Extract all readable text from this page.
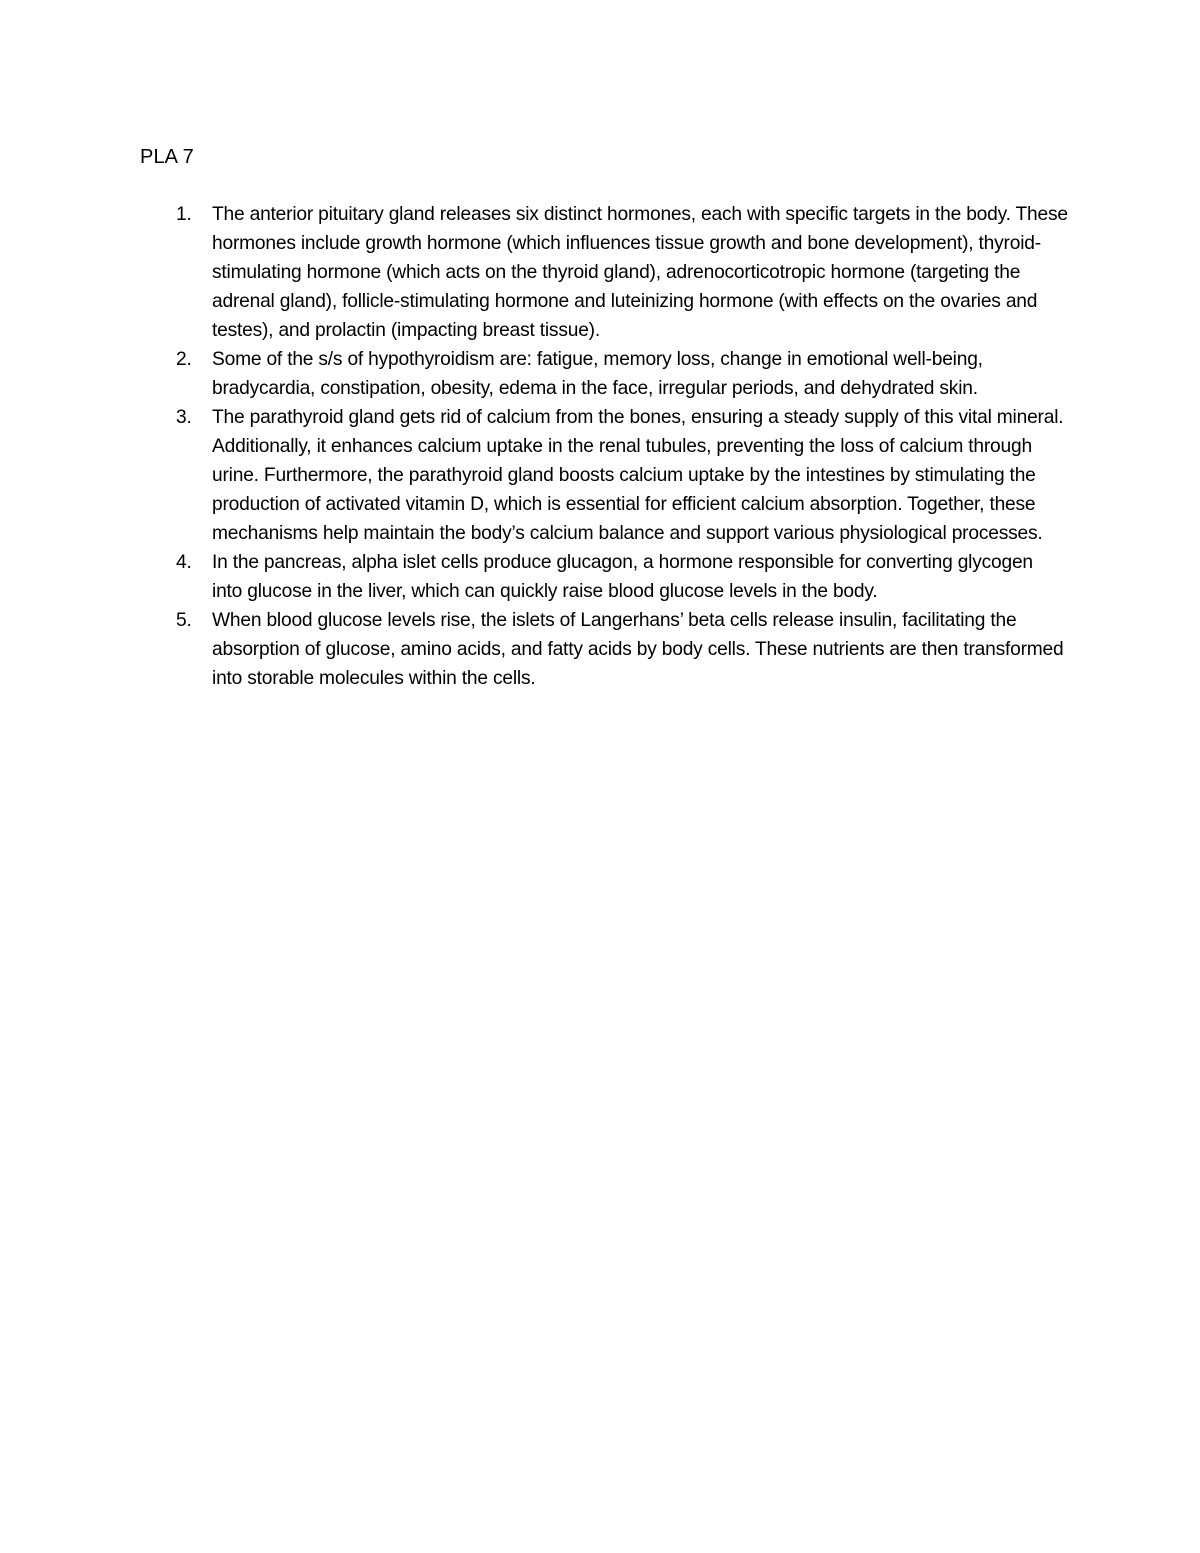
PLA 7
1. The anterior pituitary gland releases six distinct hormones, each with specific targets in the body. These hormones include growth hormone (which influences tissue growth and bone development), thyroid-stimulating hormone (which acts on the thyroid gland), adrenocorticotropic hormone (targeting the adrenal gland), follicle-stimulating hormone and luteinizing hormone (with effects on the ovaries and testes), and prolactin (impacting breast tissue).
2. Some of the s/s of hypothyroidism are: fatigue, memory loss, change in emotional well-being, bradycardia, constipation, obesity, edema in the face, irregular periods, and dehydrated skin.
3. The parathyroid gland gets rid of calcium from the bones, ensuring a steady supply of this vital mineral. Additionally, it enhances calcium uptake in the renal tubules, preventing the loss of calcium through urine. Furthermore, the parathyroid gland boosts calcium uptake by the intestines by stimulating the production of activated vitamin D, which is essential for efficient calcium absorption. Together, these mechanisms help maintain the body’s calcium balance and support various physiological processes.
4. In the pancreas, alpha islet cells produce glucagon, a hormone responsible for converting glycogen into glucose in the liver, which can quickly raise blood glucose levels in the body.
5. When blood glucose levels rise, the islets of Langerhans’ beta cells release insulin, facilitating the absorption of glucose, amino acids, and fatty acids by body cells. These nutrients are then transformed into storable molecules within the cells.
